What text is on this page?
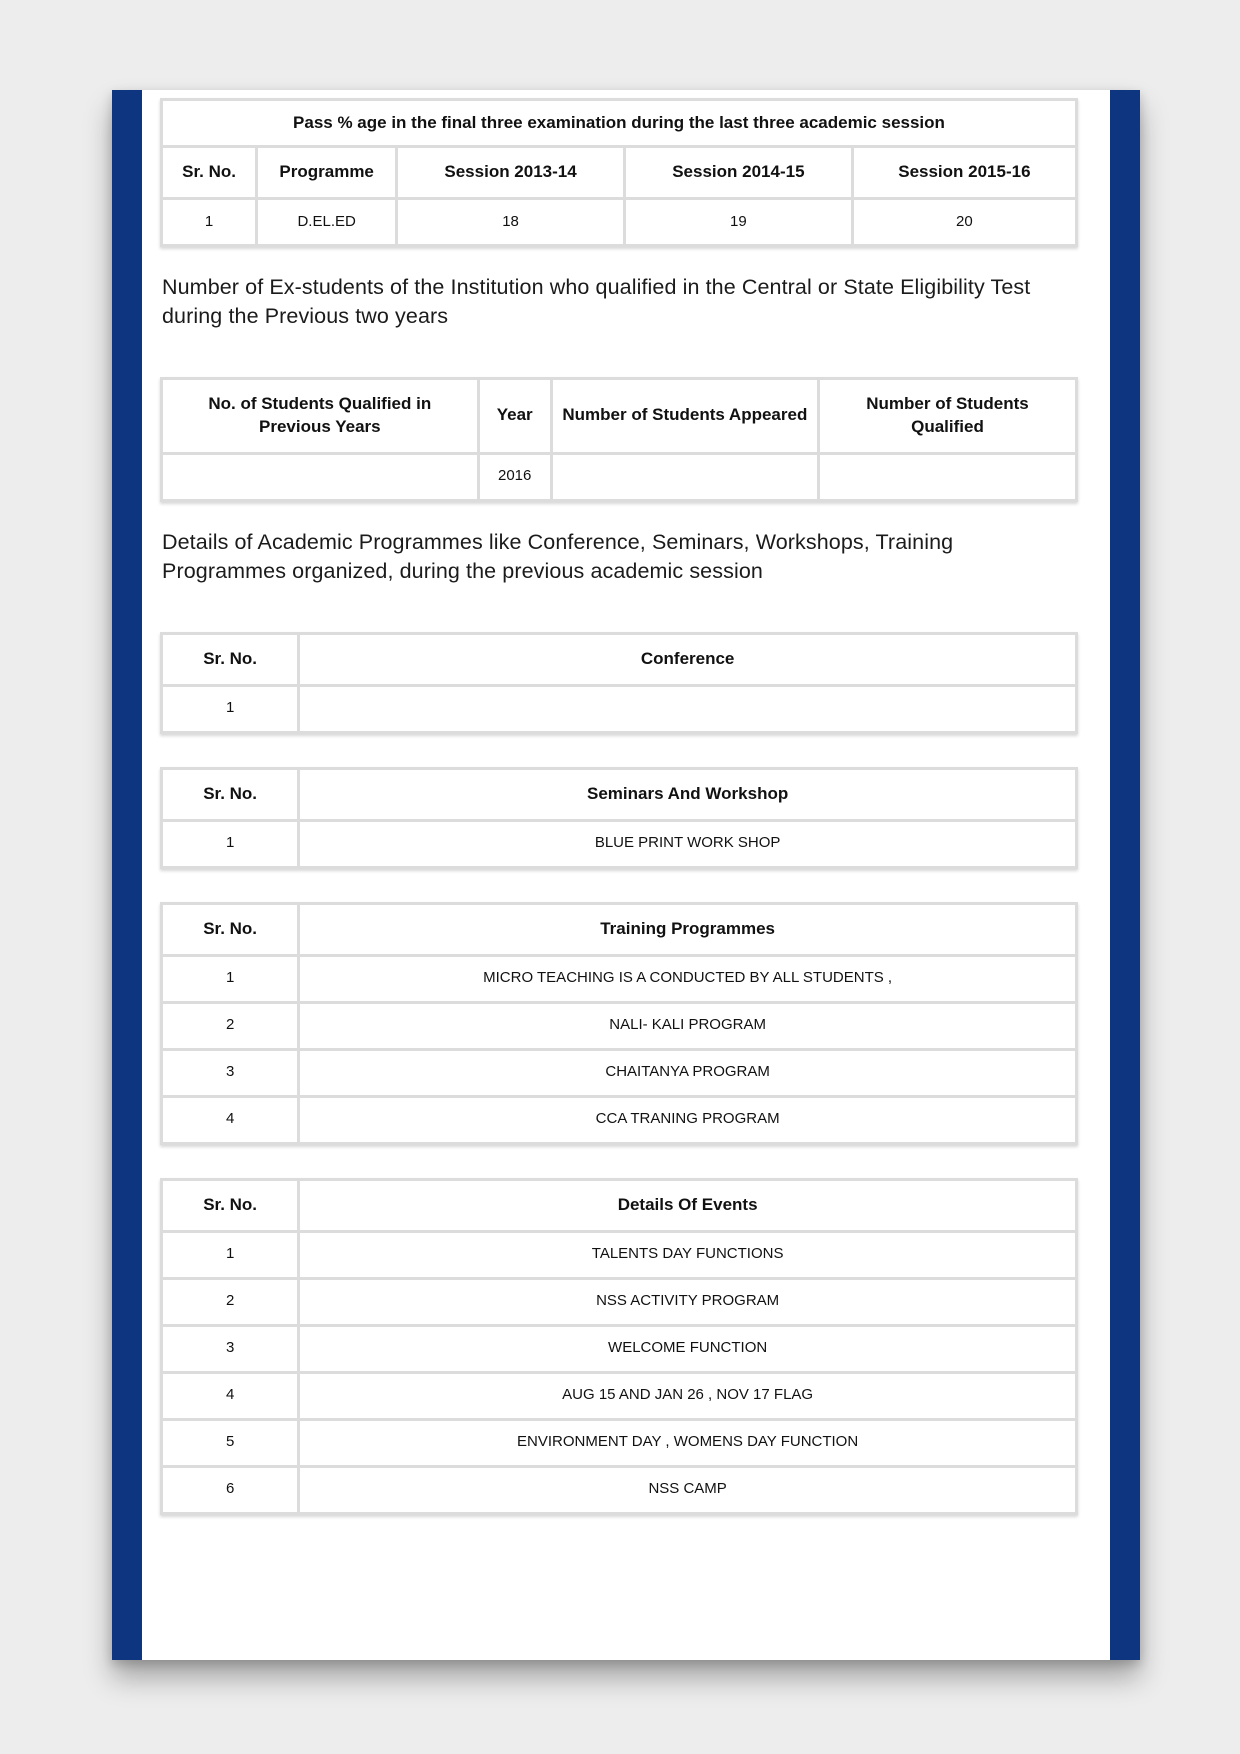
Pass % age in the final three examination during the last three academic session				
Sr. No.	Programme	Session 2013-14	Session 2014-15	Session 2015-16
1	D.EL.ED	18	19	20

Number of Ex-students of the Institution who qualified in the Central or State Eligibility Test during the Previous two years

No. of Students Qualified in Previous Years	Year	Number of Students Appeared	Number of Students Qualified
	2016		

Details of Academic Programmes like Conference, Seminars, Workshops, Training Programmes organized, during the previous academic session

Sr. No.	Conference
1	
Sr. No.	Seminars And Workshop
1	BLUE PRINT WORK SHOP
Sr. No.	Training Programmes
1	MICRO TEACHING IS A CONDUCTED BY ALL STUDENTS ,
2	NALI- KALI PROGRAM
3	CHAITANYA PROGRAM
4	CCA TRANING PROGRAM
Sr. No.	Details Of Events
1	TALENTS DAY FUNCTIONS
2	NSS ACTIVITY PROGRAM
3	WELCOME FUNCTION
4	AUG 15 AND JAN 26 , NOV 17 FLAG
5	ENVIRONMENT DAY , WOMENS DAY FUNCTION
6	NSS CAMP
